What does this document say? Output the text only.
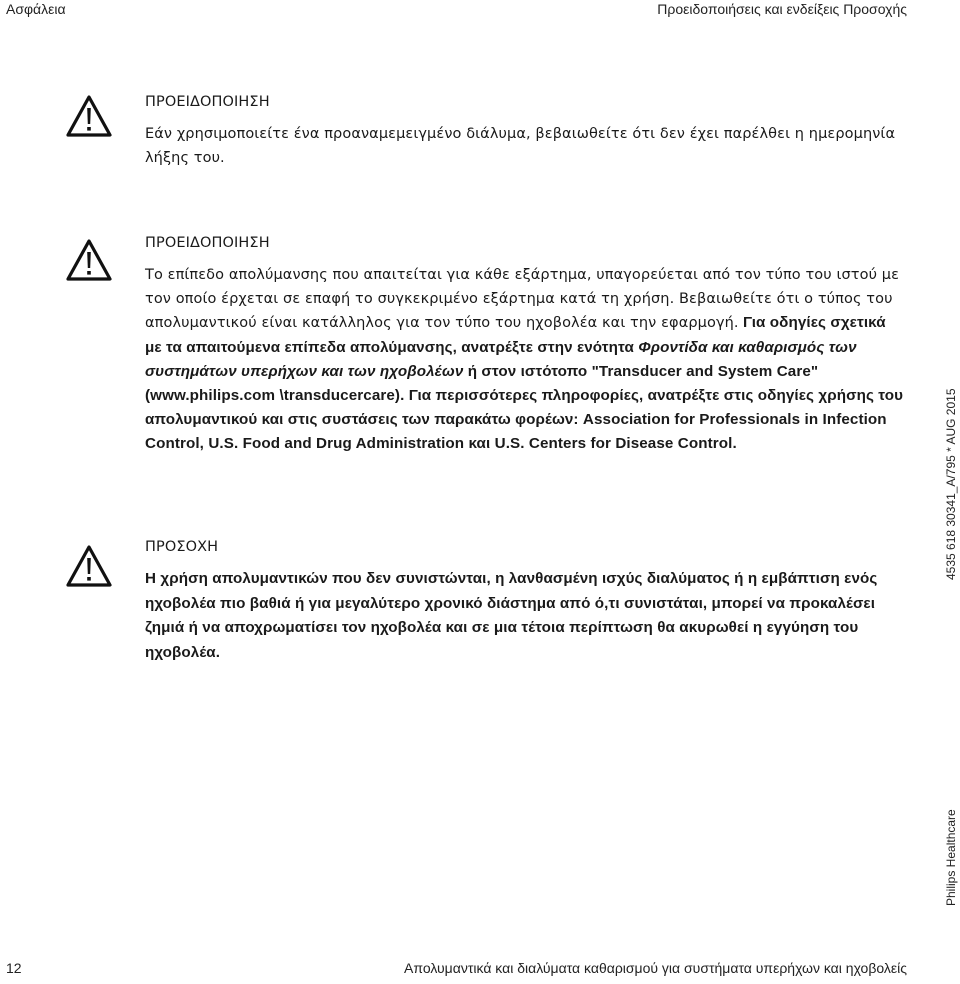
Ασφάλεια	Προειδοποιήσεις και ενδείξεις Προσοχής
ΠΡΟΕΙΔΟΠΟΙΗΣΗ

Εάν χρησιμοποιείτε ένα προαναμεμειγμένο διάλυμα, βεβαιωθείτε ότι δεν έχει παρέλθει η ημερομηνία λήξης του.

ΠΡΟΕΙΔΟΠΟΙΗΣΗ

Το επίπεδο απολύμανσης που απαιτείται για κάθε εξάρτημα, υπαγορεύεται από τον τύπο του ιστού με τον οποίο έρχεται σε επαφή το συγκεκριμένο εξάρτημα κατά τη χρήση. Βεβαιωθείτε ότι ο τύπος του απολυμαντικού είναι κατάλληλος για τον τύπο του ηχοβολέα και την εφαρμογή. Για οδηγίες σχετικά με τα απαιτούμενα επίπεδα απολύμανσης, ανατρέξτε στην ενότητα Φροντίδα και καθαρισμός των συστημάτων υπερήχων και των ηχοβολέων ή στον ιστότοπο "Transducer and System Care" (www.philips.com \transducercare). Για περισσότερες πληροφορίες, ανατρέξτε στις οδηγίες χρήσης του απολυμαντικού και στις συστάσεις των παρακάτω φορέων: Association for Professionals in Infection Control, U.S. Food and Drug Administration και U.S. Centers for Disease Control.

ΠΡΟΣΟΧΗ

Η χρήση απολυμαντικών που δεν συνιστώνται, η λανθασμένη ισχύς διαλύματος ή η εμβάπτιση ενός ηχοβολέα πιο βαθιά ή για μεγαλύτερο χρονικό διάστημα από ό,τι συνιστάται, μπορεί να προκαλέσει ζημιά ή να αποχρωματίσει τον ηχοβολέα και σε μια τέτοια περίπτωση θα ακυρωθεί η εγγύηση του ηχοβολέα.

4535 618 30341_A/795 * AUG 2015
Philips Healthcare
12	Απολυμαντικά και διαλύματα καθαρισμού για συστήματα υπερήχων και ηχοβολείς
